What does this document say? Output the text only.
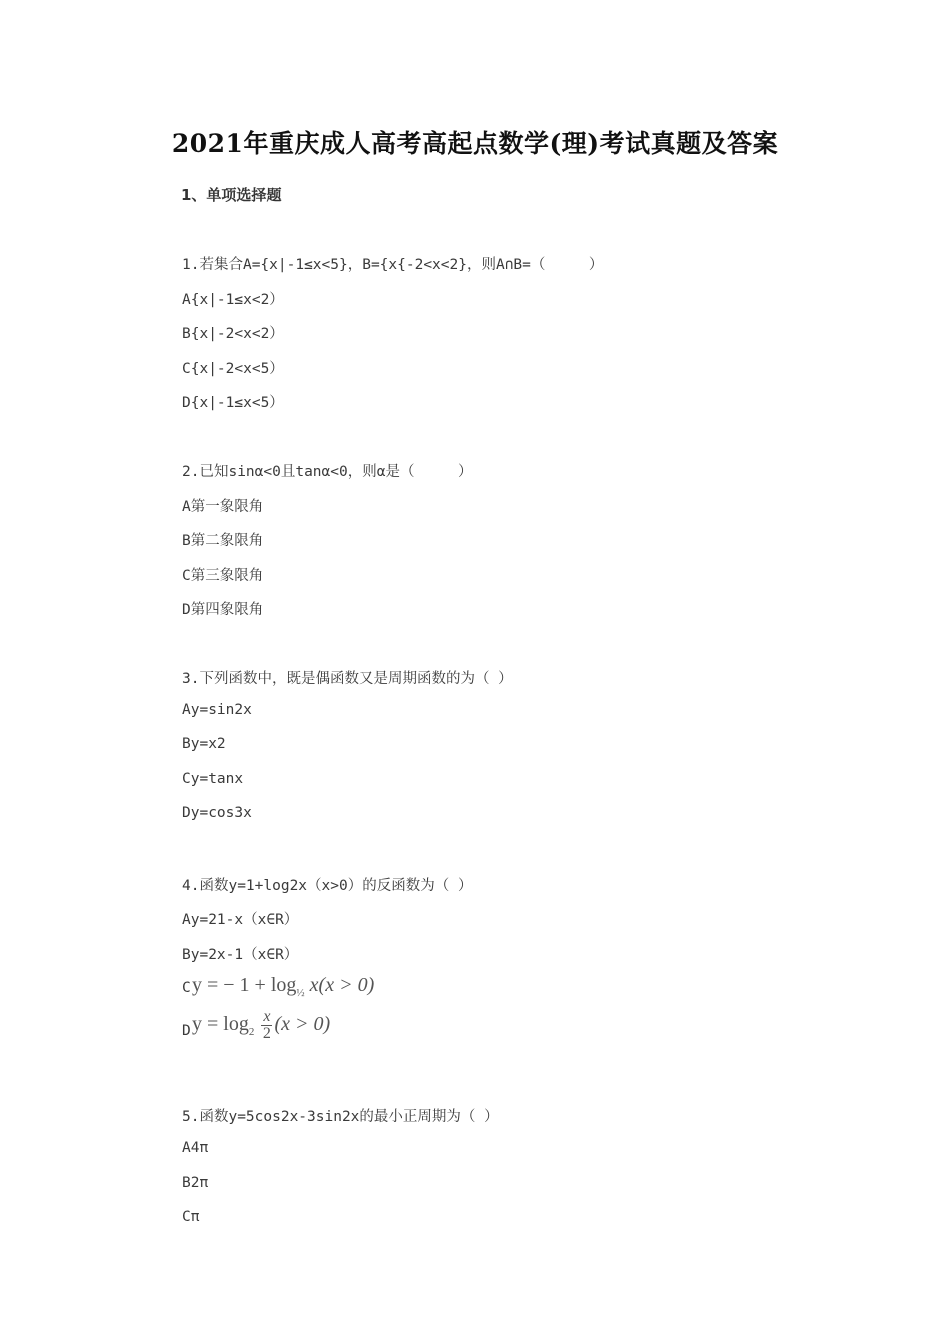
2021年重庆成人高考高起点数学(理)考试真题及答案
1、单项选择题
1.若集合A={x|-1≤x<5}，B={x{-2<x<2}，则A∩B=（　　　）
A{x|-1≤x<2）
B{x|-2<x<2）
C{x|-2<x<5）
D{x|-1≤x<5）
2.已知sinα<0且tanα<0，则α是（　　　）
A第一象限角
B第二象限角
C第三象限角
D第四象限角
3.下列函数中，既是偶函数又是周期函数的为（ ）
Ay=sin2x
By=x2
Cy=tanx
Dy=cos3x
4.函数y=1+log2x（x>0）的反函数为（ ）
Ay=21-x（x∈R）
By=2x-1（x∈R）
C y = − $1 + \log_{\frac{1}{2}} x(x > 0)$
D $y = \log_2 \frac{x}{2} (x > 0)$
5.函数y=5cos2x-3sin2x的最小正周期为（ ）
A4π
B2π
Cπ
